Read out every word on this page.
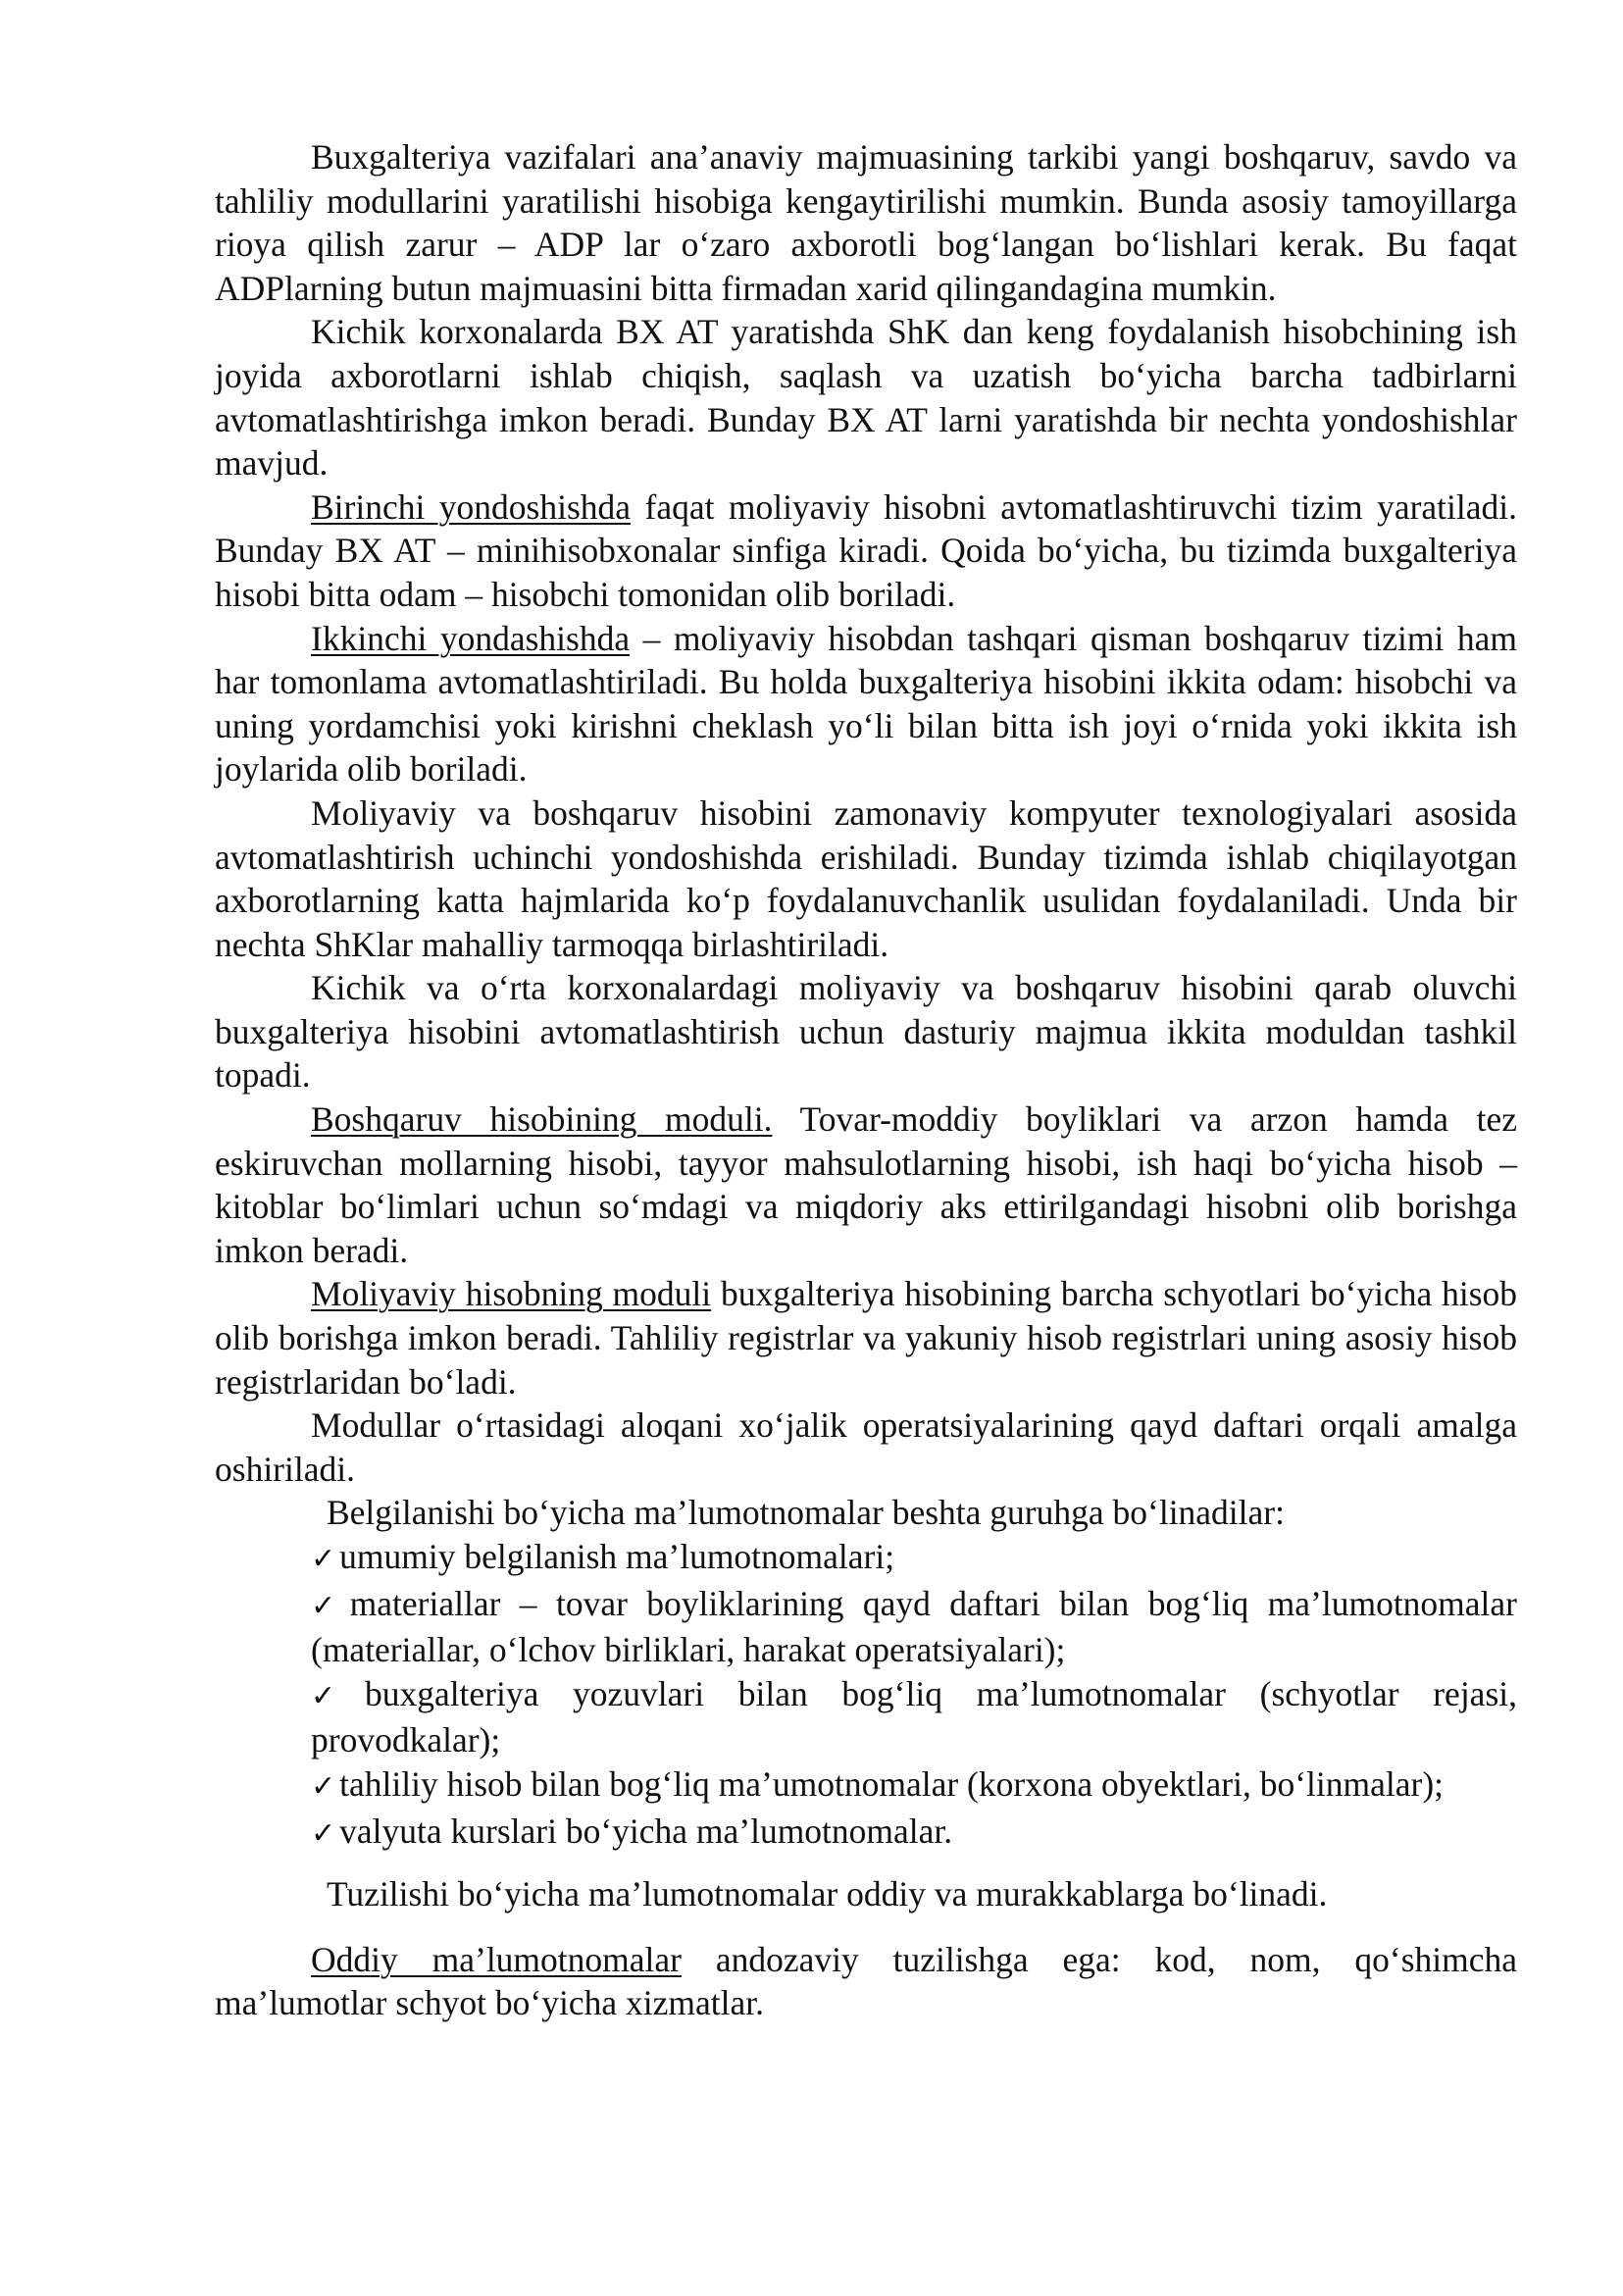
Buxgalteriya vazifalari ana’anaviy majmuasining tarkibi yangi boshqaruv, savdo va tahliliy modullarini yaratilishi hisobiga kengaytirilishi mumkin. Bunda asosiy tamoyillarga rioya qilish zarur – ADP lar o‘zaro axborotli bog‘langan bo‘lishlari kerak. Bu faqat ADPlarning butun majmuasini bitta firmadan xarid qilingandagina mumkin.

Kichik korxonalarda BX AT yaratishda ShK dan keng foydalanish hisobchining ish joyida axborotlarni ishlab chiqish, saqlash va uzatish bo‘yicha barcha tadbirlarni avtomatlashtirishga imkon beradi. Bunday BX AT larni yaratishda bir nechta yondoshishlar mavjud.

Birinchi yondoshishda faqat moliyaviy hisobni avtomatlashtiruvchi tizim yaratiladi. Bunday BX AT – minihisobxonalar sinfiga kiradi. Qoida bo‘yicha, bu tizimda buxgalteriya hisobi bitta odam – hisobchi tomonidan olib boriladi.

Ikkinchi yondashishda – moliyaviy hisobdan tashqari qisman boshqaruv tizimi ham har tomonlama avtomatlashtiriladi. Bu holda buxgalteriya hisobini ikkita odam: hisobchi va uning yordamchisi yoki kirishni cheklash yo‘li bilan bitta ish joyi o‘rnida yoki ikkita ish joylarida olib boriladi.

Moliyaviy va boshqaruv hisobini zamonaviy kompyuter texnologiyalari asosida avtomatlashtirish uchinchi yondoshishda erishiladi. Bunday tizimda ishlab chiqilayotgan axborotlarning katta hajmlarida ko‘p foydalanuvchanlik usulidan foydalaniladi. Unda bir nechta ShKlar mahalliy tarmoqqa birlashtiriladi.

Kichik va o‘rta korxonalardagi moliyaviy va boshqaruv hisobini qarab oluvchi buxgalteriya hisobini avtomatlashtirish uchun dasturiy majmua ikkita moduldan tashkil topadi.

Boshqaruv hisobining moduli. Tovar-moddiy boyliklari va arzon hamda tez eskiruvchan mollarning hisobi, tayyor mahsulotlarning hisobi, ish haqi bo‘yicha hisob –kitoblar bo‘limlari uchun so‘mdagi va miqdoriy aks ettirilgandagi hisobni olib borishga imkon beradi.

Moliyaviy hisobning moduli buxgalteriya hisobining barcha schyotlari bo‘yicha hisob olib borishga imkon beradi. Tahliliy registrlar va yakuniy hisob registrlari uning asosiy hisob registrlaridan bo‘ladi.

Modullar o‘rtasidagi aloqani xo‘jalik operatsiyalarining qayd daftari orqali amalga oshiriladi.

Belgilanishi bo‘yicha ma’lumotnomalar beshta guruhga bo‘linadilar:

✓ umumiy belgilanish ma’lumotnomalari;
✓ materiallar – tovar boyliklarining qayd daftari bilan bog‘liq ma’lumotnomalar (materiallar, o‘lchov birliklari, harakat operatsiyalari);
✓ buxgalteriya yozuvlari bilan bog‘liq ma’lumotnomalar (schyotlar rejasi, provodkalar);
✓ tahliliy hisob bilan bog‘liq ma’umotnomalar (korxona obyektlari, bo‘linmalar);
✓ valyuta kurslari bo‘yicha ma’lumotnomalar.

Tuzilishi bo‘yicha ma’lumotnomalar oddiy va murakkablarga bo‘linadi.

Oddiy ma’lumotnomalar andozaviy tuzilishga ega: kod, nom, qo‘shimcha ma’lumotlar schyot bo‘yicha xizmatlar.
